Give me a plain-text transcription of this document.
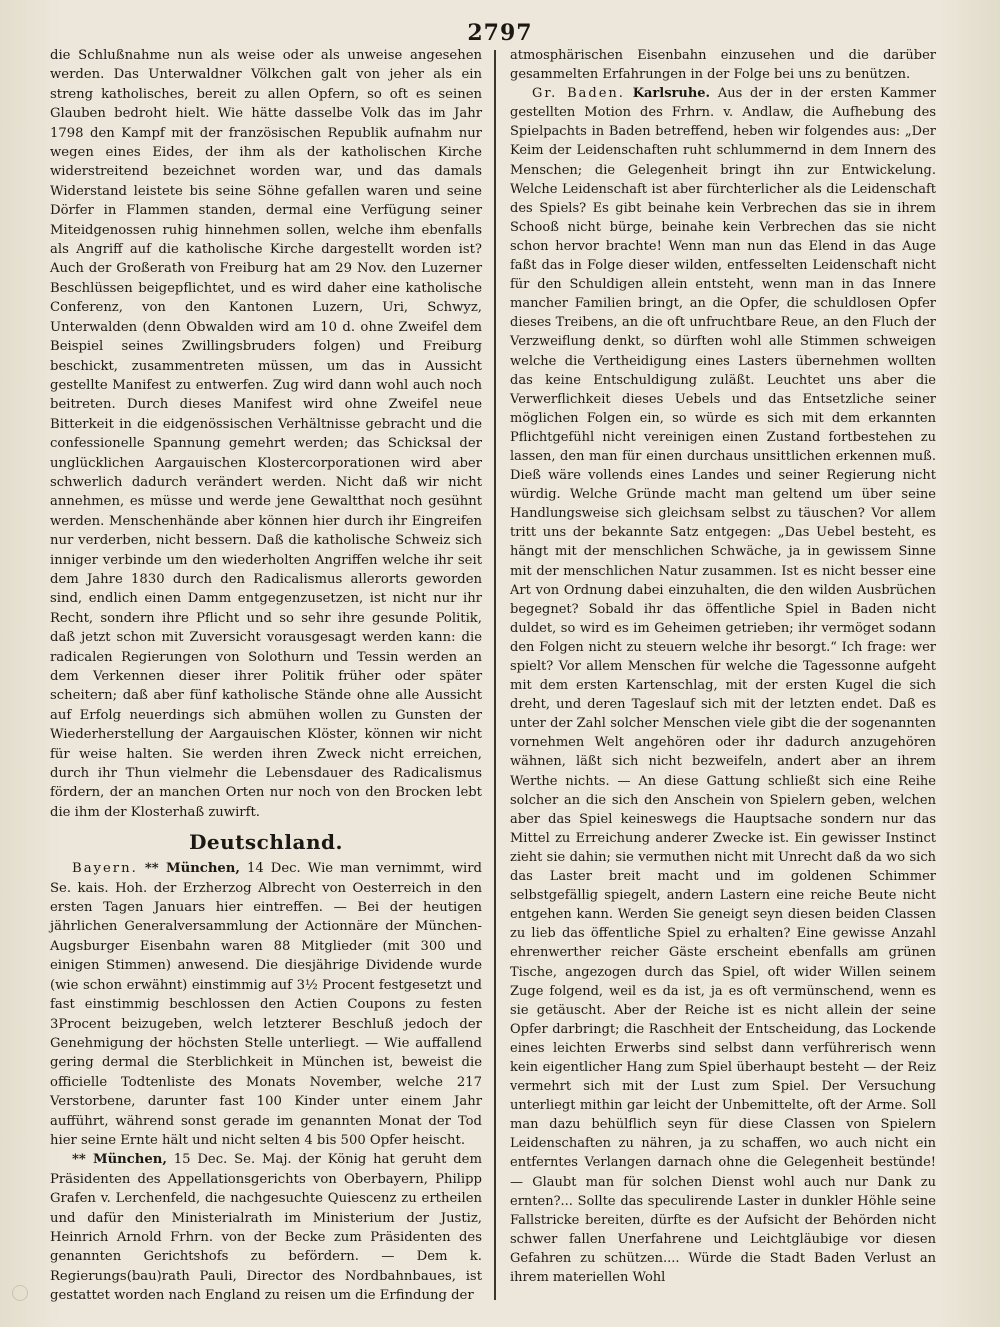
2797

die Schlußnahme nun als weise oder als unweise angesehen werden. Das Unterwaldner Völkchen galt von jeher als ein streng katholisches, bereit zu allen Opfern, so oft es seinen Glauben bedroht hielt. Wie hätte dasselbe Volk das im Jahr 1798 den Kampf mit der französischen Republik aufnahm nur wegen eines Eides, der ihm als der katholischen Kirche widerstreitend bezeichnet worden war, und das damals Widerstand leistete bis seine Söhne gefallen waren und seine Dörfer in Flammen standen, dermal eine Verfügung seiner Miteidgenossen ruhig hinnehmen sollen, welche ihm ebenfalls als Angriff auf die katholische Kirche dargestellt worden ist? Auch der Großerath von Freiburg hat am 29 Nov. den Luzerner Beschlüssen beigepflichtet, und es wird daher eine katholische Conferenz, von den Kantonen Luzern, Uri, Schwyz, Unterwalden (denn Obwalden wird am 10 d. ohne Zweifel dem Beispiel seines Zwillingsbruders folgen) und Freiburg beschickt, zusammentreten müssen, um das in Aussicht gestellte Manifest zu entwerfen. Zug wird dann wohl auch noch beitreten. Durch dieses Manifest wird ohne Zweifel neue Bitterkeit in die eidgenössischen Verhältnisse gebracht und die confessionelle Spannung gemehrt werden; das Schicksal der unglücklichen Aargauischen Klostercorporationen wird aber schwerlich dadurch verändert werden. Nicht daß wir nicht annehmen, es müsse und werde jene Gewaltthat noch gesühnt werden. Menschenhände aber können hier durch ihr Eingreifen nur verderben, nicht bessern. Daß die katholische Schweiz sich inniger verbinde um den wiederholten Angriffen welche ihr seit dem Jahre 1830 durch den Radicalismus allerorts geworden sind, endlich einen Damm entgegenzusetzen, ist nicht nur ihr Recht, sondern ihre Pflicht und so sehr ihre gesunde Politik, daß jetzt schon mit Zuversicht vorausgesagt werden kann: die radicalen Regierungen von Solothurn und Tessin werden an dem Verkennen dieser ihrer Politik früher oder später scheitern; daß aber fünf katholische Stände ohne alle Aussicht auf Erfolg neuerdings sich abmühen wollen zu Gunsten der Wiederherstellung der Aargauischen Klöster, können wir nicht für weise halten. Sie werden ihren Zweck nicht erreichen, durch ihr Thun vielmehr die Lebensdauer des Radicalismus fördern, der an manchen Orten nur noch von den Brocken lebt die ihm der Klosterhaß zuwirft.

Deutschland.

Bayern. ** München, 14 Dec. Wie man vernimmt, wird Se. kais. Hoh. der Erzherzog Albrecht von Oesterreich in den ersten Tagen Januars hier eintreffen. — Bei der heutigen jährlichen Generalversammlung der Actionnäre der München-Augsburger Eisenbahn waren 88 Mitglieder (mit 300 und einigen Stimmen) anwesend. Die diesjährige Dividende wurde (wie schon erwähnt) einstimmig auf 3½ Procent festgesetzt und fast einstimmig beschlossen den Actien Coupons zu festen 3Procent beizugeben, welch letzterer Beschluß jedoch der Genehmigung der höchsten Stelle unterliegt. — Wie auffallend gering dermal die Sterblichkeit in München ist, beweist die officielle Todtenliste des Monats November, welche 217 Verstorbene, darunter fast 100 Kinder unter einem Jahr aufführt, während sonst gerade im genannten Monat der Tod hier seine Ernte hält und nicht selten 4 bis 500 Opfer heischt.

** München, 15 Dec. Se. Maj. der König hat geruht dem Präsidenten des Appellationsgerichts von Oberbayern, Philipp Grafen v. Lerchenfeld, die nachgesuchte Quiescenz zu ertheilen und dafür den Ministerialrath im Ministerium der Justiz, Heinrich Arnold Frhrn. von der Becke zum Präsidenten des genannten Gerichtshofs zu befördern. — Dem k. Regierungs(bau)rath Pauli, Director des Nordbahnbaues, ist gestattet worden nach England zu reisen um die Erfindung der

atmosphärischen Eisenbahn einzusehen und die darüber gesammelten Erfahrungen in der Folge bei uns zu benützen.

Gr. Baden. Karlsruhe. Aus der in der ersten Kammer gestellten Motion des Frhrn. v. Andlaw, die Aufhebung des Spielpachts in Baden betreffend, heben wir folgendes aus: „Der Keim der Leidenschaften ruht schlummernd in dem Innern des Menschen; die Gelegenheit bringt ihn zur Entwickelung. Welche Leidenschaft ist aber fürchterlicher als die Leidenschaft des Spiels? Es gibt beinahe kein Verbrechen das sie in ihrem Schooß nicht bürge, beinahe kein Verbrechen das sie nicht schon hervor brachte! Wenn man nun das Elend in das Auge faßt das in Folge dieser wilden, entfesselten Leidenschaft nicht für den Schuldigen allein entsteht, wenn man in das Innere mancher Familien bringt, an die Opfer, die schuldlosen Opfer dieses Treibens, an die oft unfruchtbare Reue, an den Fluch der Verzweiflung denkt, so dürften wohl alle Stimmen schweigen welche die Vertheidigung eines Lasters übernehmen wollten das keine Entschuldigung zuläßt. Leuchtet uns aber die Verwerflichkeit dieses Uebels und das Entsetzliche seiner möglichen Folgen ein, so würde es sich mit dem erkannten Pflichtgefühl nicht vereinigen einen Zustand fortbestehen zu lassen, den man für einen durchaus unsittlichen erkennen muß. Dieß wäre vollends eines Landes und seiner Regierung nicht würdig. Welche Gründe macht man geltend um über seine Handlungsweise sich gleichsam selbst zu täuschen? Vor allem tritt uns der bekannte Satz entgegen: „Das Uebel besteht, es hängt mit der menschlichen Schwäche, ja in gewissem Sinne mit der menschlichen Natur zusammen. Ist es nicht besser eine Art von Ordnung dabei einzuhalten, die den wilden Ausbrüchen begegnet? Sobald ihr das öffentliche Spiel in Baden nicht duldet, so wird es im Geheimen getrieben; ihr vermöget sodann den Folgen nicht zu steuern welche ihr besorgt.“ Ich frage: wer spielt? Vor allem Menschen für welche die Tagessonne aufgeht mit dem ersten Kartenschlag, mit der ersten Kugel die sich dreht, und deren Tageslauf sich mit der letzten endet. Daß es unter der Zahl solcher Menschen viele gibt die der sogenannten vornehmen Welt angehören oder ihr dadurch anzugehören wähnen, läßt sich nicht bezweifeln, andert aber an ihrem Werthe nichts. — An diese Gattung schließt sich eine Reihe solcher an die sich den Anschein von Spielern geben, welchen aber das Spiel keineswegs die Hauptsache sondern nur das Mittel zu Erreichung anderer Zwecke ist. Ein gewisser Instinct zieht sie dahin; sie vermuthen nicht mit Unrecht daß da wo sich das Laster breit macht und im goldenen Schimmer selbstgefällig spiegelt, andern Lastern eine reiche Beute nicht entgehen kann. Werden Sie geneigt seyn diesen beiden Classen zu lieb das öffentliche Spiel zu erhalten? Eine gewisse Anzahl ehrenwerther reicher Gäste erscheint ebenfalls am grünen Tische, angezogen durch das Spiel, oft wider Willen seinem Zuge folgend, weil es da ist, ja es oft vermünschend, wenn es sie getäuscht. Aber der Reiche ist es nicht allein der seine Opfer darbringt; die Raschheit der Entscheidung, das Lockende eines leichten Erwerbs sind selbst dann verführerisch wenn kein eigentlicher Hang zum Spiel überhaupt besteht — der Reiz vermehrt sich mit der Lust zum Spiel. Der Versuchung unterliegt mithin gar leicht der Unbemittelte, oft der Arme. Soll man dazu behülflich seyn für diese Classen von Spielern Leidenschaften zu nähren, ja zu schaffen, wo auch nicht ein entferntes Verlangen darnach ohne die Gelegenheit bestünde! — Glaubt man für solchen Dienst wohl auch nur Dank zu ernten?... Sollte das speculirende Laster in dunkler Höhle seine Fallstricke bereiten, dürfte es der Aufsicht der Behörden nicht schwer fallen Unerfahrene und Leichtgläubige vor diesen Gefahren zu schützen.... Würde die Stadt Baden Verlust an ihrem materiellen Wohl
